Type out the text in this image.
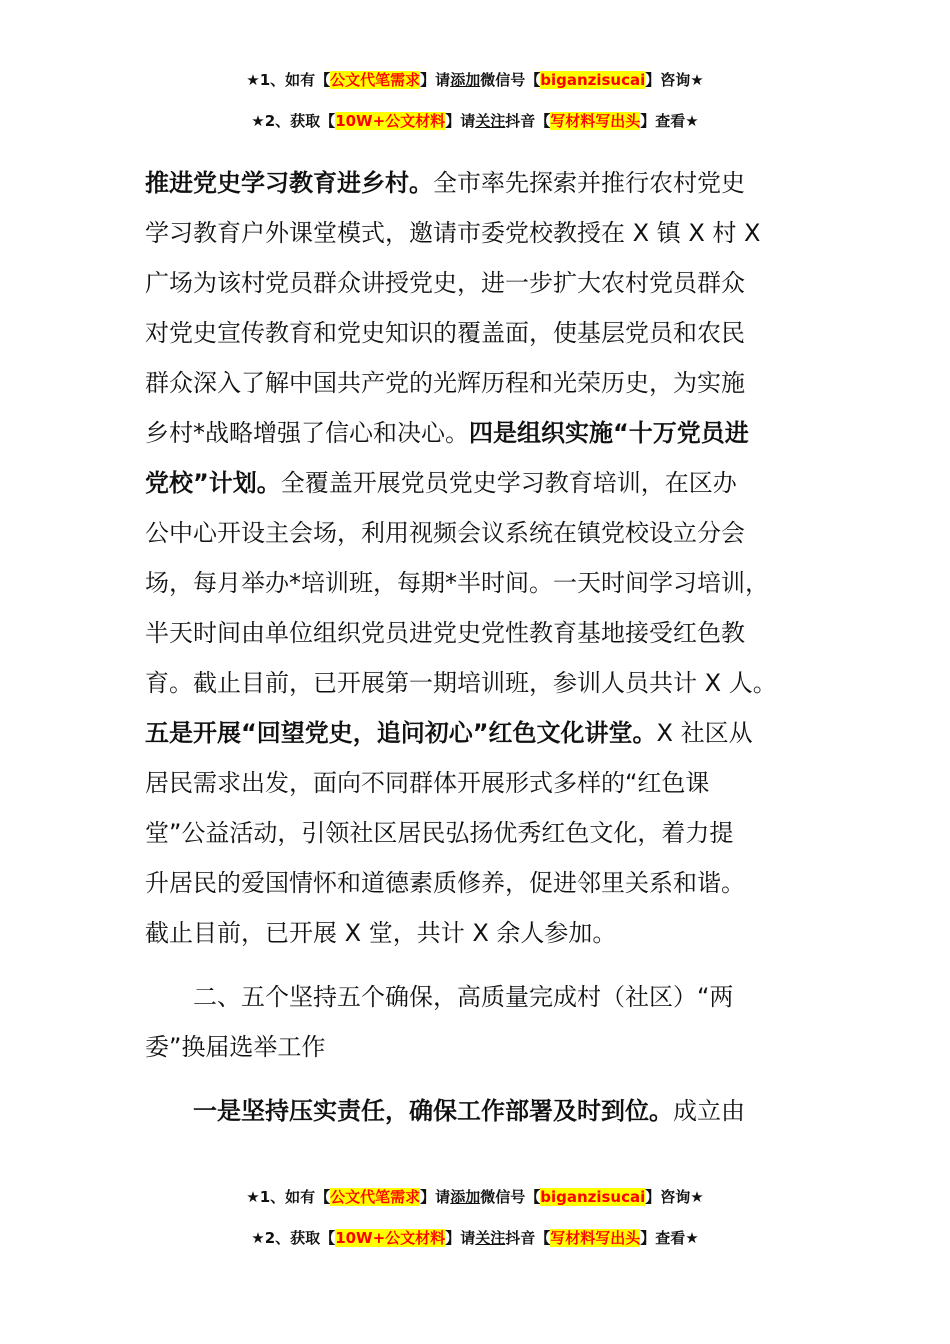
★1、如有【公文代笔需求】请添加微信号【biganzisucai】咨询★
★2、获取【10W+公文材料】请关注抖音【写材料写出头】查看★
推进党史学习教育进乡村。全市率先探索并推行农村党史
学习教育户外课堂模式，邀请市委党校教授在 X 镇 X 村 X
广场为该村党员群众讲授党史，进一步扩大农村党员群众
对党史宣传教育和党史知识的覆盖面，使基层党员和农民
群众深入了解中国共产党的光辉历程和光荣历史，为实施
乡村*战略增强了信心和决心。四是组织实施“十万党员进
党校”计划。全覆盖开展党员党史学习教育培训，在区办
公中心开设主会场，利用视频会议系统在镇党校设立分会
场，每月举办*培训班，每期*半时间。一天时间学习培训，
半天时间由单位组织党员进党史党性教育基地接受红色教
育。截止目前，已开展第一期培训班，参训人员共计 X 人。
五是开展“回望党史，追问初心”红色文化讲堂。X 社区从
居民需求出发，面向不同群体开展形式多样的“红色课
堂”公益活动，引领社区居民弘扬优秀红色文化，着力提
升居民的爱国情怀和道德素质修养，促进邻里关系和谐。
截止目前，已开展 X 堂，共计 X 余人参加。
二、五个坚持五个确保，高质量完成村（社区）“两
委”换届选举工作
一是坚持压实责任，确保工作部署及时到位。成立由
★1、如有【公文代笔需求】请添加微信号【biganzisucai】咨询★
★2、获取【10W+公文材料】请关注抖音【写材料写出头】查看★
